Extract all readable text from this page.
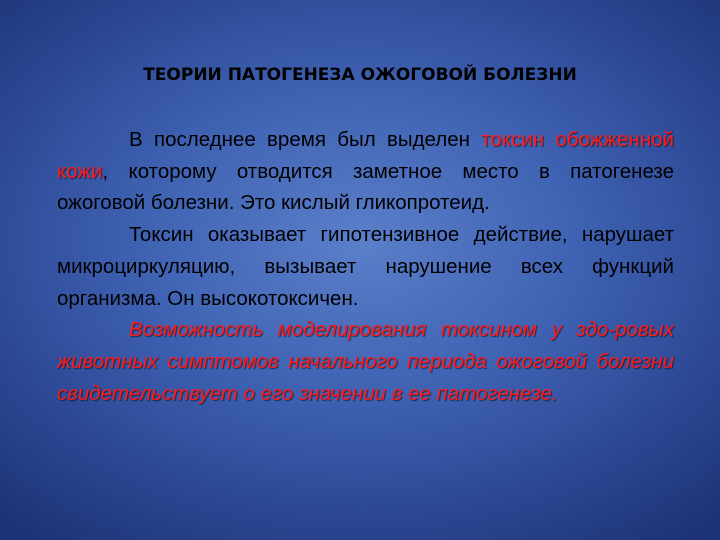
ТЕОРИИ ПАТОГЕНЕЗА ОЖОГОВОЙ БОЛЕЗНИ

В последнее время был выделен токсин обожженной кожи, которому отводится заметное место в патогенезе ожоговой болезни. Это кислый гликопротеид.

Токсин оказывает гипотензивное действие, нарушает микроциркуляцию, вызывает нарушение всех функций организма. Он высокотоксичен.

Возможность моделирования токсином у здо-ровых животных симптомов начального периода ожоговой болезни свидетельствует о его значении в ее патогенезе.
